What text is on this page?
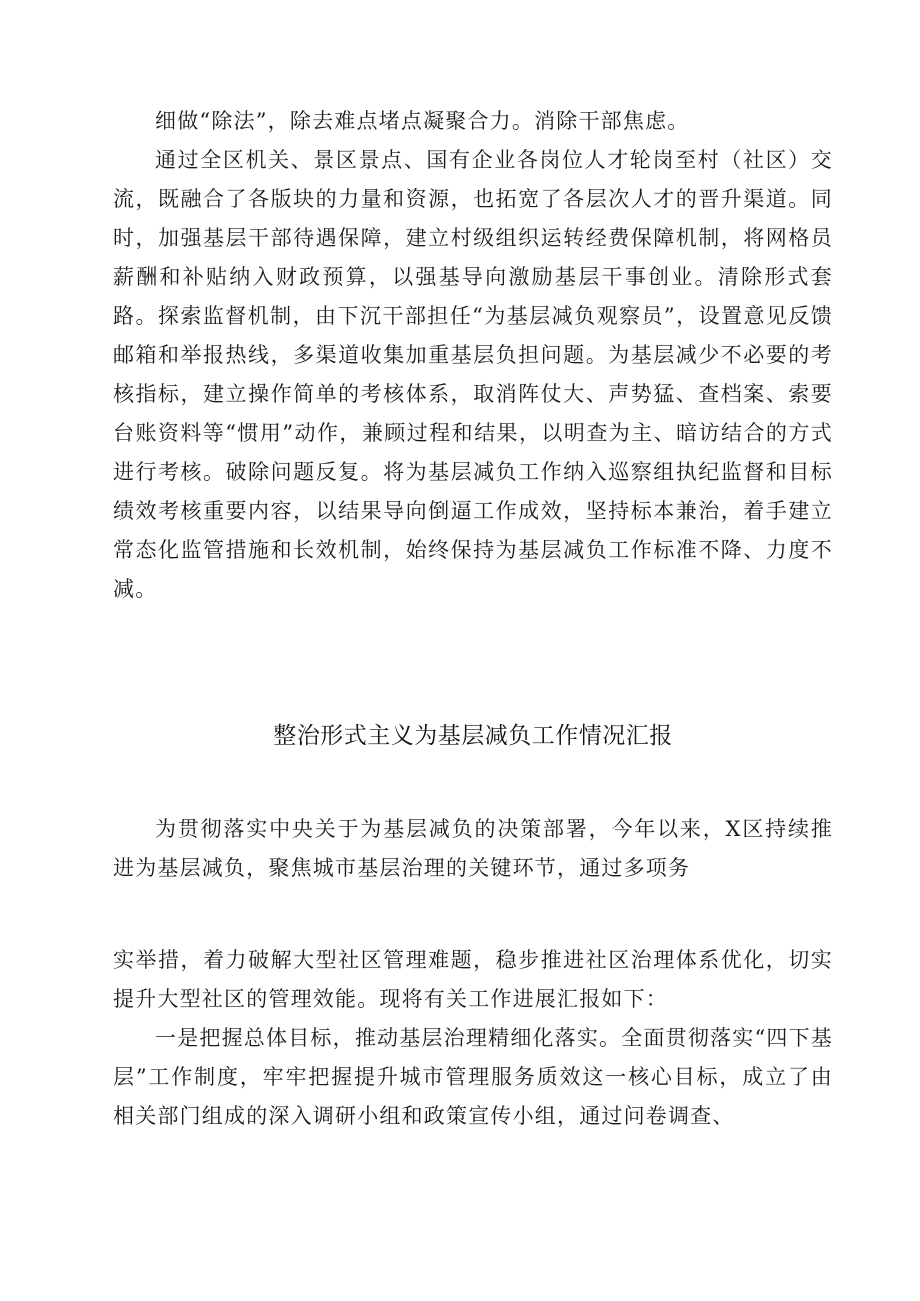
细做“除法”，除去难点堵点凝聚合力。消除干部焦虑。

通过全区机关、景区景点、国有企业各岗位人才轮岗至村（社区）交流，既融合了各版块的力量和资源，也拓宽了各层次人才的晋升渠道。同时，加强基层干部待遇保障，建立村级组织运转经费保障机制，将网格员薪酬和补贴纳入财政预算，以强基导向激励基层干事创业。清除形式套路。探索监督机制，由下沉干部担任“为基层减负观察员”，设置意见反馈邮箱和举报热线，多渠道收集加重基层负担问题。为基层减少不必要的考核指标，建立操作简单的考核体系，取消阵仗大、声势猛、查档案、索要台账资料等“惯用”动作，兼顾过程和结果，以明查为主、暗访结合的方式进行考核。破除问题反复。将为基层减负工作纳入巡察组执纪监督和目标绩效考核重要内容，以结果导向倒逼工作成效，坚持标本兼治，着手建立常态化监管措施和长效机制，始终保持为基层减负工作标准不降、力度不减。

整治形式主义为基层减负工作情况汇报

为贯彻落实中央关于为基层减负的决策部署，今年以来，X区持续推进为基层减负，聚焦城市基层治理的关键环节，通过多项务

实举措，着力破解大型社区管理难题，稳步推进社区治理体系优化，切实提升大型社区的管理效能。现将有关工作进展汇报如下：

一是把握总体目标，推动基层治理精细化落实。全面贯彻落实“四下基层”工作制度，牢牢把握提升城市管理服务质效这一核心目标，成立了由相关部门组成的深入调研小组和政策宣传小组，通过问卷调查、
